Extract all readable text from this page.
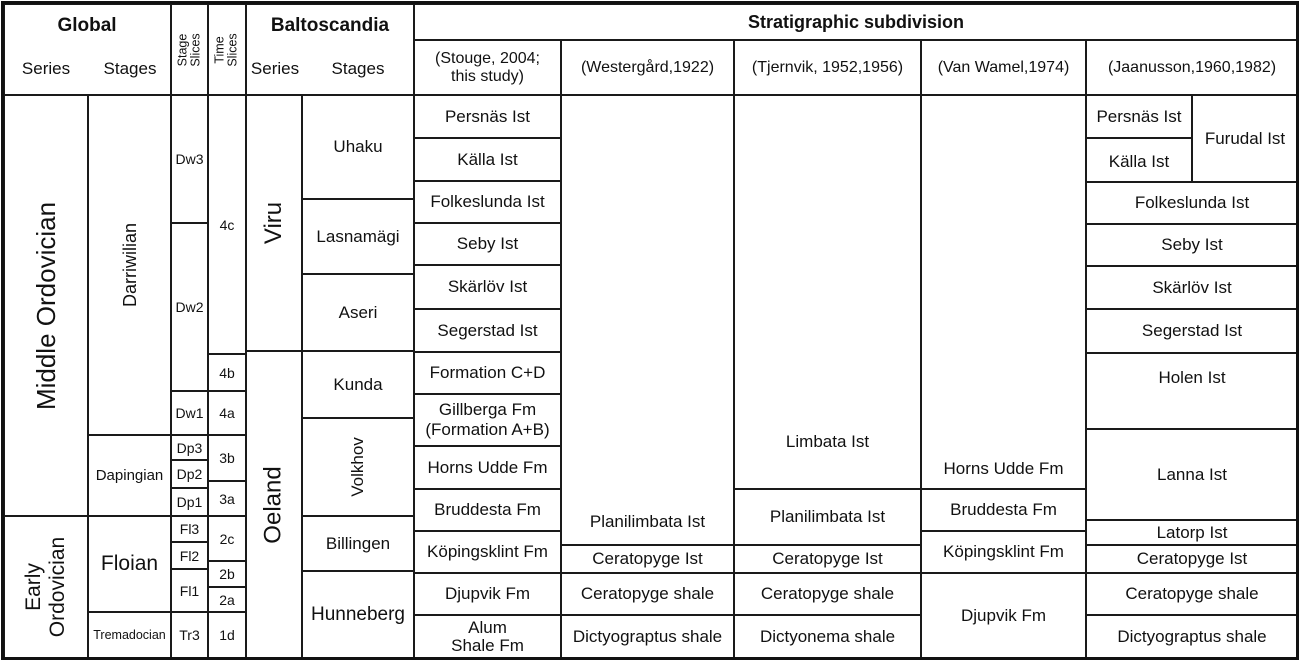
Global
Series Stages
Stage Slices Time Slices
Baltoscandia
Series Stages
Stratigraphic subdivision
(Stouge, 2004;
this study)
(Westergård,1922) (Tjernvik, 1952,1956) (Van Wamel,1974) (Jaanusson,1960,1982)
Middle Ordovician
Early Ordovician
Darriwilian
Dapingian
Floian
Tremadocian
Dw3
Dw2
Dw1
Dp3
Dp2
Dp1
Fl3
Fl2
Fl1
Tr3
4c
4b
4a
3b
3a
2c
2b
2a
1d
Viru
Oeland
Uhaku
Lasnamägi
Aseri
Kunda
Volkhov
Billingen
Hunneberg
Persnäs Ist
Källa Ist
Folkeslunda Ist
Seby Ist
Skärlöv Ist
Segerstad Ist
Formation C+D
Gillberga Fm
(Formation A+B)
Horns Udde Fm
Bruddesta Fm
Köpingsklint Fm
Djupvik Fm
Alum
Shale Fm
Planilimbata Ist
Ceratopyge Ist
Ceratopyge shale
Dictyograptus shale
Limbata Ist
Planilimbata Ist
Ceratopyge Ist
Ceratopyge shale
Dictyonema shale
Horns Udde Fm
Bruddesta Fm
Köpingsklint Fm
Djupvik Fm
Persnäs Ist
Källa Ist
Furudal Ist
Folkeslunda Ist
Seby Ist
Skärlöv Ist
Segerstad Ist
Holen Ist
Lanna Ist
Latorp Ist
Ceratopyge Ist
Ceratopyge shale
Dictyograptus shale
